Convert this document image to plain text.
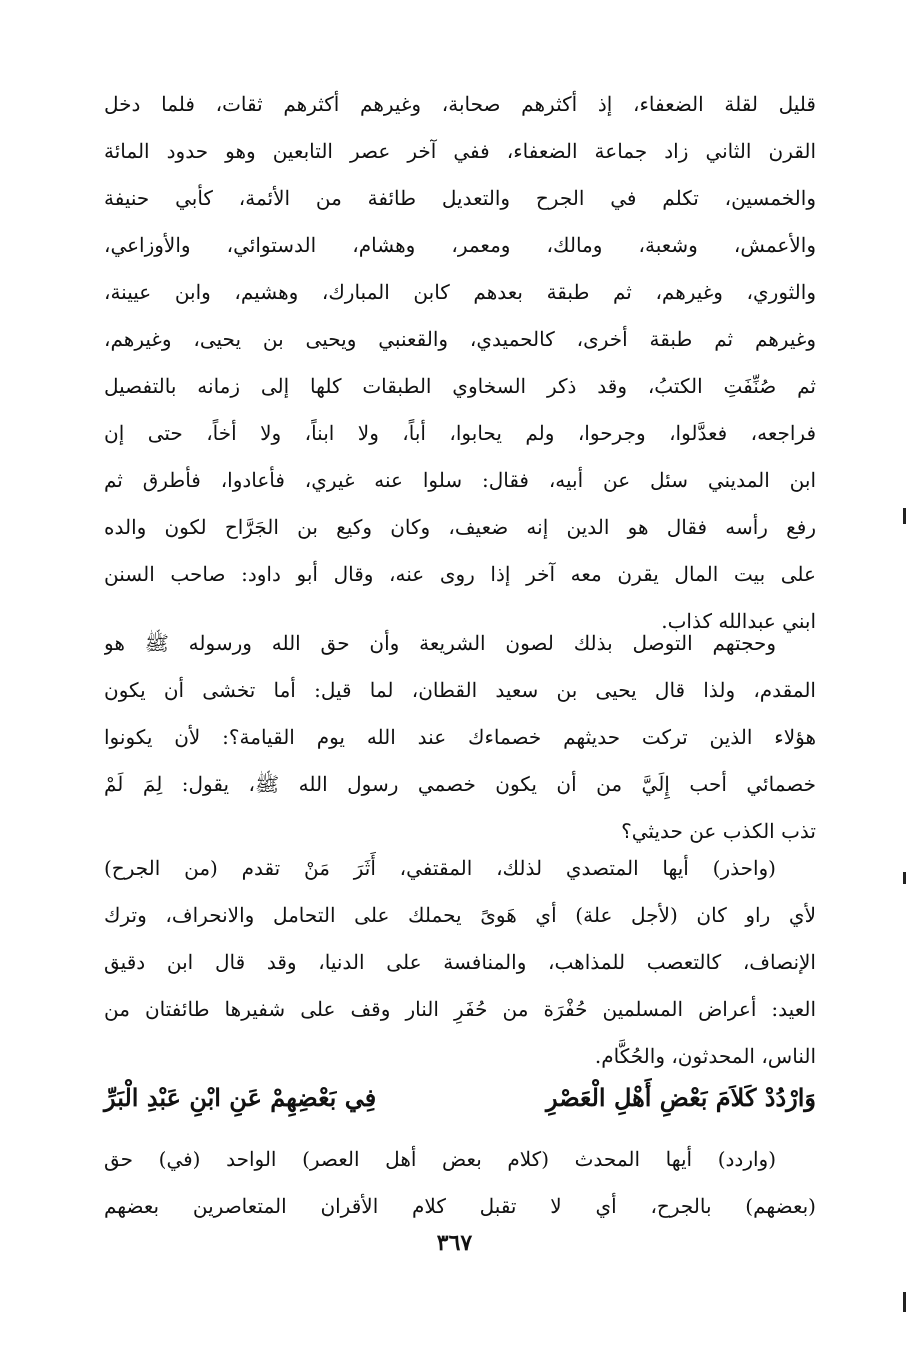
قليل لقلة الضعفاء، إذ أكثرهم صحابة، وغيرهم أكثرهم ثقات، فلما دخل
القرن الثاني زاد جماعة الضعفاء، ففي آخر عصر التابعين وهو حدود المائة
والخمسين، تكلم في الجرح والتعديل طائفة من الأئمة، كأبي حنيفة
والأعمش، وشعبة، ومالك، ومعمر، وهشام، الدستوائي، والأوزاعي،
والثوري، وغيرهم، ثم طبقة بعدهم كابن المبارك، وهشيم، وابن عيينة،
وغيرهم ثم طبقة أخرى، كالحميدي، والقعنبي ويحيى بن يحيى، وغيرهم،
ثم صُنِّفَتِ الكتبُ، وقد ذكر السخاوي الطبقات كلها إلى زمانه بالتفصيل
فراجعه، فعدَّلوا، وجرحوا، ولم يحابوا، أباً، ولا ابناً، ولا أخاً، حتى إن
ابن المديني سئل عن أبيه، فقال: سلوا عنه غيري، فأعادوا، فأطرق ثم
رفع رأسه فقال هو الدين إنه ضعيف، وكان وكيع بن الجَرَّاح لكون والده
على بيت المال يقرن معه آخر إذا روى عنه، وقال أبو داود: صاحب السنن
ابني عبدالله كذاب.
وحجتهم التوصل بذلك لصون الشريعة وأن حق الله ورسوله ﷺ هو
المقدم، ولذا قال يحيى بن سعيد القطان، لما قيل: أما تخشى أن يكون
هؤلاء الذين تركت حديثهم خصماءك عند الله يوم القيامة؟: لأن يكونوا
خصمائي أحب إِلَيَّ من أن يكون خصمي رسول الله ﷺ، يقول: لِمَ لَمْ
تذب الكذب عن حديثي؟
(واحذر) أيها المتصدي لذلك، المقتفي، أَثَرَ مَنْ تقدم (من الجرح)
لأي راو كان (لأجل علة) أي هَوىً يحملك على التحامل والانحراف، وترك
الإنصاف، كالتعصب للمذاهب، والمنافسة على الدنيا، وقد قال ابن دقيق
العيد: أعراض المسلمين حُفْرَة من حُفَرِ النار وقف على شفيرها طائفتان من
الناس، المحدثون، والحُكَّام.
وَارْدُدْ كَلاَمَ بَعْضِ أَهْلِ الْعَصْرِ
فِي بَعْضِهِمْ عَنِ ابْنِ عَبْدِ الْبَرِّ
(واردد) أيها المحدث (كلام بعض أهل العصر) الواحد (في) حق
(بعضهم) بالجرح، أي لا تقبل كلام الأقران المتعاصرين بعضهم
٣٦٧
